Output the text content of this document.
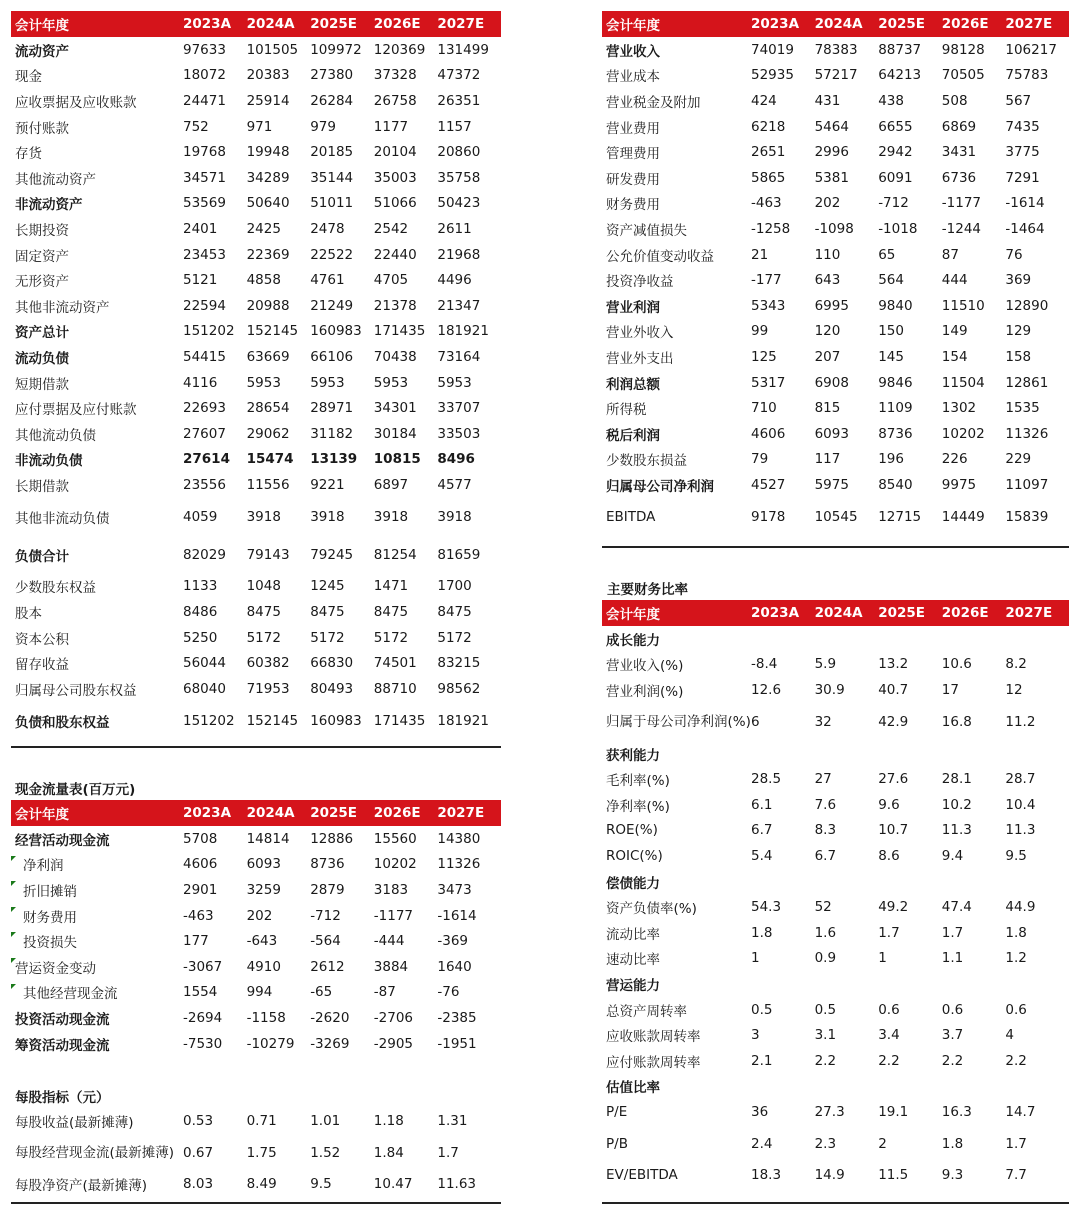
会计年度	2023A	2024A	2025E	2026E	2027E
流动资产	97633	101505 109972 120369 131499
现金	18072	20383	27380	37328	47372
应收票据及应收账款	24471	25914	26284	26758	26351
预付账款	752	971	979	1177	1157
存货	19768	19948	20185	20104	20860
其他流动资产	34571	34289	35144	35003	35758
非流动资产	53569	50640	51011	51066	50423
长期投资	2401	2425	2478	2542	2611
固定资产	23453	22369	22522	22440	21968
无形资产	5121	4858	4761	4705	4496
其他非流动资产	22594	20988	21249	21378	21347
资产总计	151202 152145 160983 171435 181921
流动负债	54415	63669	66106	70438	73164
短期借款	4116	5953	5953	5953	5953
应付票据及应付账款	22693	28654	28971	34301	33707
其他流动负债	27607	29062	31182	30184	33503
非流动负债	27614	15474	13139	10815	8496
长期借款	23556	11556	9221	6897	4577
其他非流动负债	4059	3918	3918	3918	3918
负债合计	82029	79143	79245	81254	81659
少数股东权益	1133	1048	1245	1471	1700
股本	8486	8475	8475	8475	8475
资本公积	5250	5172	5172	5172	5172
留存收益	56044	60382	66830	74501	83215
归属母公司股东权益	68040	71953	80493	88710	98562
负债和股东权益	151202 152145 160983 171435 181921
现金流量表(百万元)
会计年度	2023A	2024A	2025E	2026E	2027E
经营活动现金流	5708	14814	12886	15560	14380
净利润	4606	6093	8736	10202	11326
折旧摊销	2901	3259	2879	3183	3473
财务费用	-463	202	-712	-1177	-1614
投资损失	177	-643	-564	-444	-369
营运资金变动	-3067	4910	2612	3884	1640
其他经营现金流	1554	994	-65	-87	-76
投资活动现金流	-2694	-1158	-2620	-2706	-2385
筹资活动现金流	-7530	-10279	-3269	-2905	-1951
每股指标（元）
每股收益(最新摊薄)	0.53	0.71	1.01	1.18	1.31
每股经营现金流(最新摊薄) 0.67	1.75	1.52	1.84	1.7
每股净资产(最新摊薄)	8.03	8.49	9.5	10.47	11.63
会计年度	2023A	2024A	2025E	2026E	2027E
营业收入	74019	78383	88737	98128	106217
营业成本	52935	57217	64213	70505	75783
营业税金及附加	424	431	438	508	567
营业费用	6218	5464	6655	6869	7435
管理费用	2651	2996	2942	3431	3775
研发费用	5865	5381	6091	6736	7291
财务费用	-463	202	-712	-1177	-1614
资产减值损失	-1258	-1098	-1018	-1244	-1464
公允价值变动收益	21	110	65	87	76
投资净收益	-177	643	564	444	369
营业利润	5343	6995	9840	11510	12890
营业外收入	99	120	150	149	129
营业外支出	125	207	145	154	158
利润总额	5317	6908	9846	11504	12861
所得税	710	815	1109	1302	1535
税后利润	4606	6093	8736	10202	11326
少数股东损益	79	117	196	226	229
归属母公司净利润	4527	5975	8540	9975	11097
EBITDA	9178	10545	12715	14449	15839
主要财务比率
会计年度	2023A	2024A	2025E	2026E	2027E
成长能力
营业收入(%)	-8.4	5.9	13.2	10.6	8.2
营业利润(%)	12.6	30.9	40.7	17	12
归属于母公司净利润(%) 6	32	42.9	16.8	11.2
获利能力
毛利率(%)	28.5	27	27.6	28.1	28.7
净利率(%)	6.1	7.6	9.6	10.2	10.4
ROE(%)	6.7	8.3	10.7	11.3	11.3
ROIC(%)	5.4	6.7	8.6	9.4	9.5
偿债能力
资产负债率(%)	54.3	52	49.2	47.4	44.9
流动比率	1.8	1.6	1.7	1.7	1.8
速动比率	1	0.9	1	1.1	1.2
营运能力
总资产周转率	0.5	0.5	0.6	0.6	0.6
应收账款周转率	3	3.1	3.4	3.7	4
应付账款周转率	2.1	2.2	2.2	2.2	2.2
估值比率
P/E	36	27.3	19.1	16.3	14.7
P/B	2.4	2.3	2	1.8	1.7
EV/EBITDA	18.3	14.9	11.5	9.3	7.7
